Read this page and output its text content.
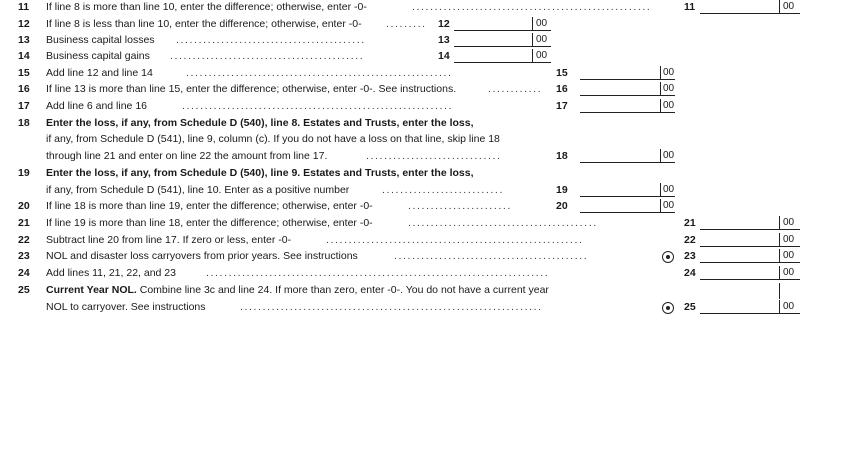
11	If line 8 is more than line 10, enter the difference; otherwise, enter -0-	.....................................................	11	00
12	If line 8 is less than line 10, enter the difference; otherwise, enter -0- .........	12	00
13	Business capital losses ..........................................	13	00
14	Business capital gains ...........................................	14	00
15	Add line 12 and line 14	...........................................................	15	00
16	If line 13 is more than line 15, enter the difference; otherwise, enter -0-. See instructions.	............	16	00
17	Add line 6 and line 16	............................................................	17	00
18	Enter the loss, if any, from Schedule D (540), line 8. Estates and Trusts, enter the loss,
if any, from Schedule D (541), line 9, column (c). If you do not have a loss on that line, skip line 18
through line 21 and enter on line 22 the amount from line 17.	..............................	18	00
19	Enter the loss, if any, from Schedule D (540), line 9. Estates and Trusts, enter the loss,
if any, from Schedule D (541), line 10. Enter as a positive number	...........................	19	00
20	If line 18 is more than line 19, enter the difference; otherwise, enter -0-	.......................	20	00
21	If line 19 is more than line 18, enter the difference; otherwise, enter -0-	..........................................	21	00
22	Subtract line 20 from line 17. If zero or less, enter -0-	.........................................................	22	00
23	NOL and disaster loss carryovers from prior years. See instructions	...........................................	23	00
24	Add lines 11, 21, 22, and 23	............................................................................	24	00
25	Current Year NOL. Combine line 3c and line 24. If more than zero, enter -0-. You do not have a current year
NOL to carryover. See instructions	...................................................................	25	00
